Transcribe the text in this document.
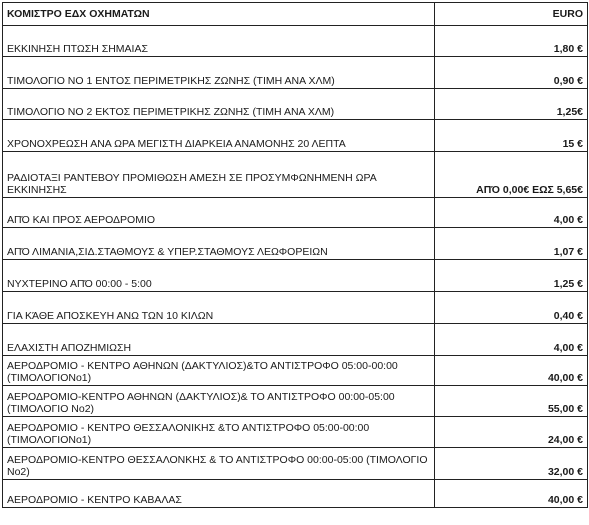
ΚΟΜΙΣΤΡΟ ΕΔΧ ΟΧΗΜΑΤΩΝ	EURO

ΕΚΚΙΝΗΣΗ ΠΤΩΣΗ ΣΗΜΑΙΑΣ	1,80 €

ΤΙΜΟΛΟΓΙΟ ΝΟ 1 ΕΝΤΟΣ ΠΕΡΙΜΕΤΡΙΚΗΣ ΖΩΝΗΣ (ΤΙΜΗ ΑΝΑ ΧΛΜ)	0,90 €

ΤΙΜΟΛΟΓΙΟ ΝΟ 2 ΕΚΤΟΣ ΠΕΡΙΜΕΤΡΙΚΗΣ ΖΩΝΗΣ (ΤΙΜΗ ΑΝΑ ΧΛΜ)	1,25€

ΧΡΟΝΟΧΡΕΩΣΗ ΑΝΑ ΩΡΑ ΜΕΓΙΣΤΗ ΔΙΑΡΚΕΙΑ ΑΝΑΜΟΝΗΣ 20 ΛΕΠΤΑ	15 €

ΡΑΔΙΟΤΑΞΙ ΡΑΝΤΕΒΟΥ ΠΡΟΜΙΘΩΣΗ ΑΜΕΣΗ ΣΕ ΠΡΟΣΥΜΦΩΝΗΜΕΝΗ ΩΡΑ ΕΚΚΙΝΗΣΗΣ	ΑΠΌ 0,00€ ΕΩΣ 5,65€

ΑΠΌ ΚΑΙ ΠΡΟΣ ΑΕΡΟΔΡΟΜΙΟ	4,00 €

ΑΠΌ ΛΙΜΑΝΙΑ,ΣΙΔ.ΣΤΑΘΜΟΥΣ & ΥΠΕΡ.ΣΤΑΘΜΟΥΣ ΛΕΩΦΟΡΕΙΩΝ	1,07 €

ΝΥΧΤΕΡΙΝΟ ΑΠΌ 00:00 - 5:00	1,25 €

ΓΙΑ ΚΆΘΕ ΑΠΟΣΚΕΥΗ ΑΝΩ ΤΩΝ 10 ΚΙΛΩΝ	0,40 €

ΕΛΑΧΙΣΤΗ ΑΠΟΖΗΜΙΩΣΗ	4,00 €

ΑΕΡΟΔΡΟΜΙΟ - ΚΕΝΤΡΟ ΑΘΗΝΩΝ (ΔΑΚΤΥΛΙΟΣ)&ΤΟ ΑΝΤΙΣΤΡΟΦΟ 05:00-00:00 (ΤΙΜΟΛΟΓΙΟΝο1)	40,00 €

ΑΕΡΟΔΡΟΜΙΟ-ΚΕΝΤΡΟ ΑΘΗΝΩΝ (ΔΑΚΤΥΛΙΟΣ)& ΤΟ ΑΝΤΙΣΤΡΟΦΟ 00:00-05:00 (ΤΙΜΟΛΟΓΙΟ Νο2)	55,00 €

ΑΕΡΟΔΡΟΜΙΟ - ΚΕΝΤΡΟ ΘΕΣΣΑΛΟΝΙΚΗΣ &ΤΟ ΑΝΤΙΣΤΡΟΦΟ 05:00-00:00 (ΤΙΜΟΛΟΓΙΟΝο1)	24,00 €

ΑΕΡΟΔΡΟΜΙΟ-ΚΕΝΤΡΟ ΘΕΣΣΑΛΟΝΚΗΣ & ΤΟ ΑΝΤΙΣΤΡΟΦΟ 00:00-05:00 (ΤΙΜΟΛΟΓΙΟ Νο2)	32,00 €

ΑΕΡΟΔΡΟΜΙΟ - ΚΕΝΤΡΟ ΚΑΒΑΛΑΣ	40,00 €
